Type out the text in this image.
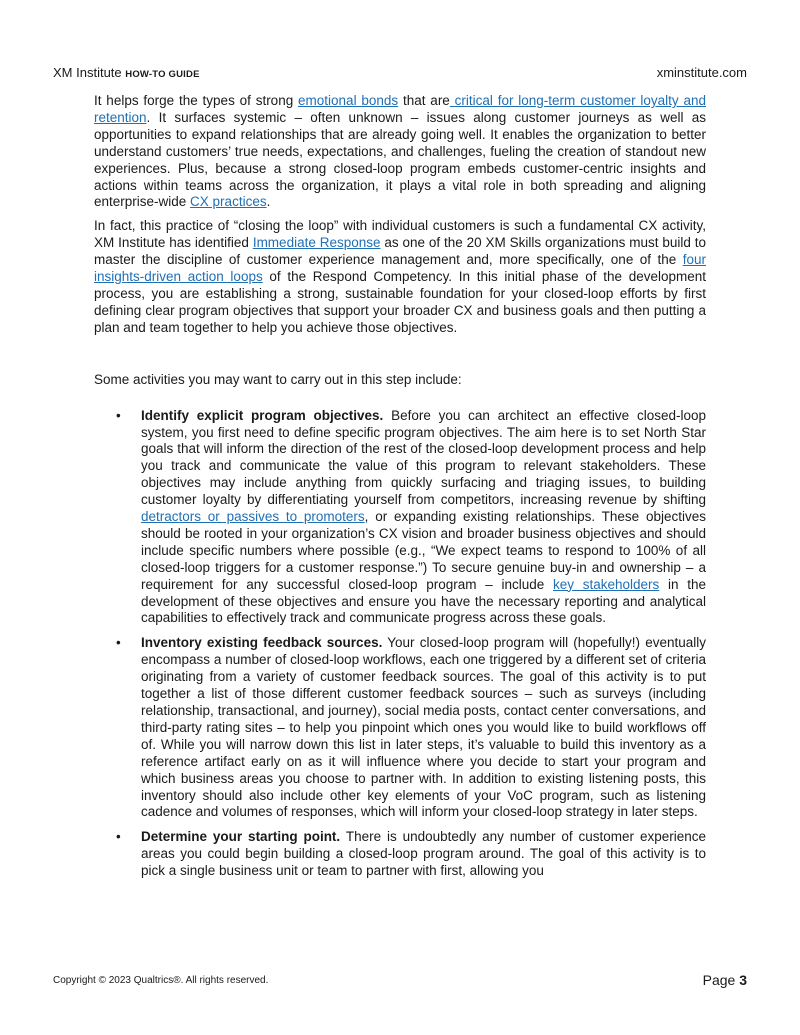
XM Institute HOW-TO GUIDE	xminstitute.com

It helps forge the types of strong emotional bonds that are critical for long-term customer loyalty and retention. It surfaces systemic – often unknown – issues along customer journeys as well as opportunities to expand relationships that are already going well. It enables the organization to better understand customers’ true needs, expectations, and challenges, fueling the creation of standout new experiences. Plus, because a strong closed-loop program embeds customer-centric insights and actions within teams across the organization, it plays a vital role in both spreading and aligning enterprise-wide CX practices.

In fact, this practice of “closing the loop” with individual customers is such a fundamental CX activity, XM Institute has identified Immediate Response as one of the 20 XM Skills organizations must build to master the discipline of customer experience management and, more specifically, one of the four insights-driven action loops of the Respond Competency. In this initial phase of the development process, you are establishing a strong, sustainable foundation for your closed-loop efforts by first defining clear program objectives that support your broader CX and business goals and then putting a plan and team together to help you achieve those objectives.

Some activities you may want to carry out in this step include:

• Identify explicit program objectives. Before you can architect an effective closed-loop system, you first need to define specific program objectives. The aim here is to set North Star goals that will inform the direction of the rest of the closed-loop development process and help you track and communicate the value of this program to relevant stakeholders. These objectives may include anything from quickly surfacing and triaging issues, to building customer loyalty by differentiating yourself from competitors, increasing revenue by shifting detractors or passives to promoters, or expanding existing relationships. These objectives should be rooted in your organization’s CX vision and broader business objectives and should include specific numbers where possible (e.g., “We expect teams to respond to 100% of all closed-loop triggers for a customer response.”) To secure genuine buy-in and ownership – a requirement for any successful closed-loop program – include key stakeholders in the development of these objectives and ensure you have the necessary reporting and analytical capabilities to effectively track and communicate progress across these goals.
• Inventory existing feedback sources. Your closed-loop program will (hopefully!) eventually encompass a number of closed-loop workflows, each one triggered by a different set of criteria originating from a variety of customer feedback sources. The goal of this activity is to put together a list of those different customer feedback sources – such as surveys (including relationship, transactional, and journey), social media posts, contact center conversations, and third-party rating sites – to help you pinpoint which ones you would like to build workflows off of. While you will narrow down this list in later steps, it’s valuable to build this inventory as a reference artifact early on as it will influence where you decide to start your program and which business areas you choose to partner with. In addition to existing listening posts, this inventory should also include other key elements of your VoC program, such as listening cadence and volumes of responses, which will inform your closed-loop strategy in later steps.
• Determine your starting point. There is undoubtedly any number of customer experience areas you could begin building a closed-loop program around. The goal of this activity is to pick a single business unit or team to partner with first, allowing you
Copyright © 2023 Qualtrics®. All rights reserved.	Page 3
